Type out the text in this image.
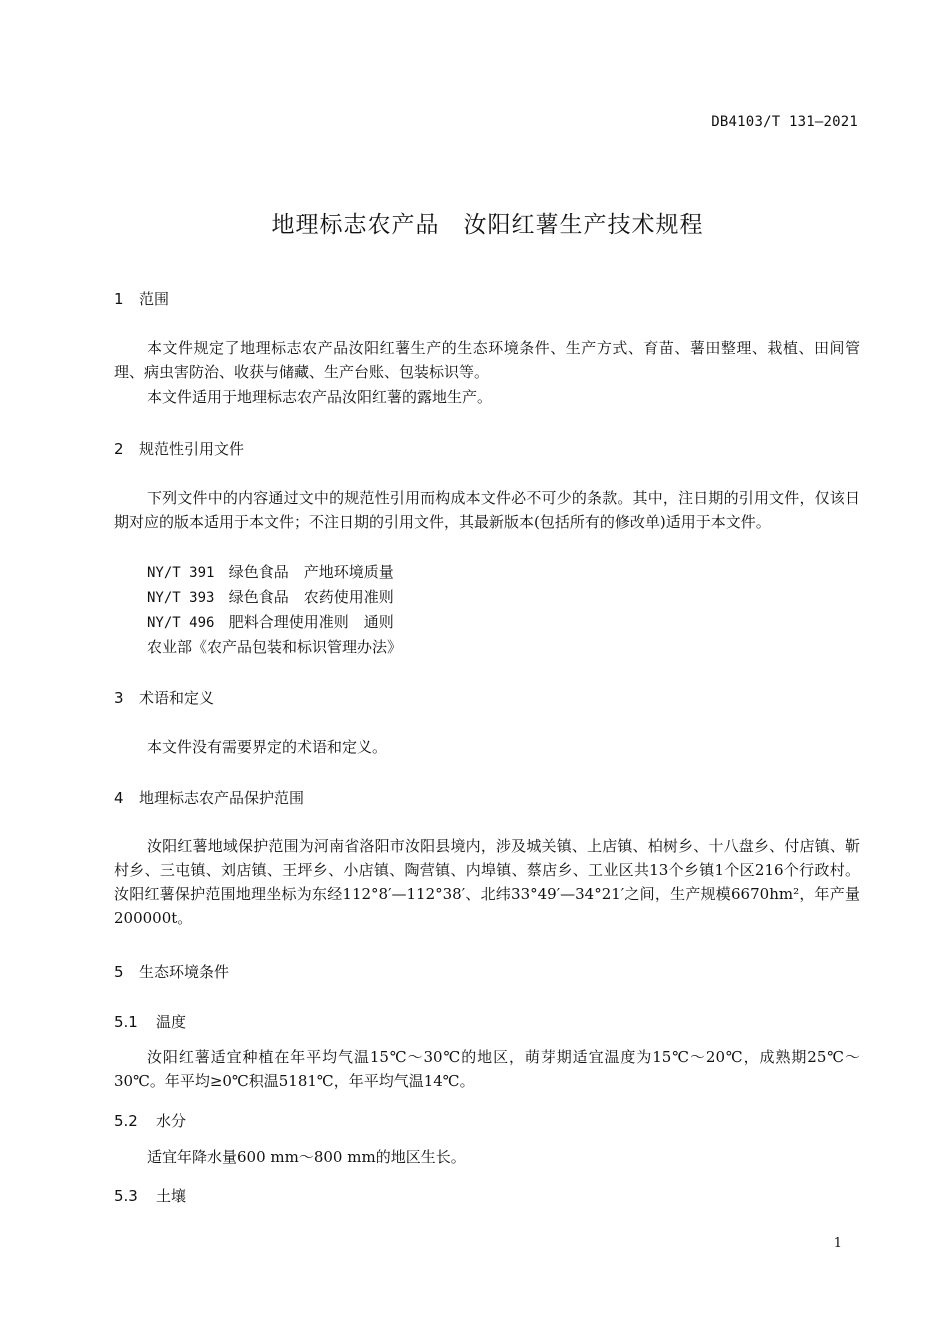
DB4103/T 131—2021
地理标志农产品　汝阳红薯生产技术规程
1 范围
本文件规定了地理标志农产品汝阳红薯生产的生态环境条件、生产方式、育苗、薯田整理、栽植、田间管理、病虫害防治、收获与储藏、生产台账、包装标识等。
本文件适用于地理标志农产品汝阳红薯的露地生产。
2 规范性引用文件
下列文件中的内容通过文中的规范性引用而构成本文件必不可少的条款。其中，注日期的引用文件，仅该日期对应的版本适用于本文件；不注日期的引用文件，其最新版本(包括所有的修改单)适用于本文件。
NY/T 391 绿色食品　产地环境质量
NY/T 393 绿色食品　农药使用准则
NY/T 496 肥料合理使用准则　通则
农业部《农产品包装和标识管理办法》
3 术语和定义
本文件没有需要界定的术语和定义。
4 地理标志农产品保护范围
汝阳红薯地域保护范围为河南省洛阳市汝阳县境内，涉及城关镇、上店镇、柏树乡、十八盘乡、付店镇、靳村乡、三屯镇、刘店镇、王坪乡、小店镇、陶营镇、内埠镇、蔡店乡、工业区共13个乡镇1个区216个行政村。汝阳红薯保护范围地理坐标为东经112°8′—112°38′、北纬33°49′—34°21′之间，生产规模6670hm²，年产量 200000t。
5 生态环境条件
5.1 温度
汝阳红薯适宜种植在年平均气温15℃～30℃的地区，萌芽期适宜温度为15℃～20℃，成熟期25℃～30℃。年平均≥0℃积温5181℃，年平均气温14℃。
5.2 水分
适宜年降水量600 mm～800 mm的地区生长。
5.3 土壤
1
